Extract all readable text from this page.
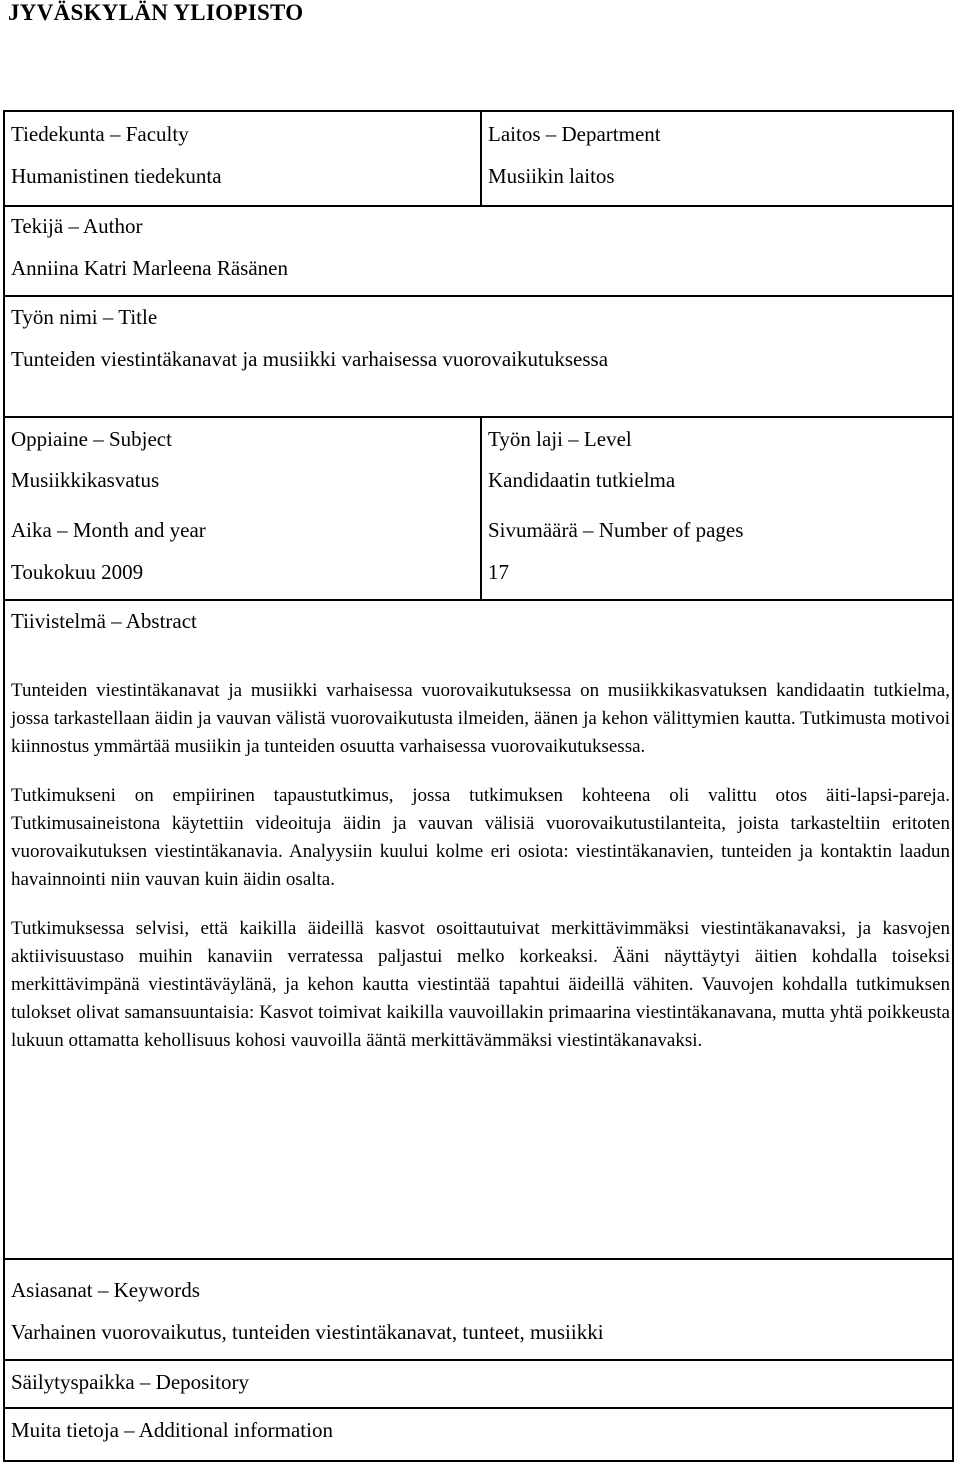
JYVÄSKYLÄN YLIOPISTO
Tiedekunta – Faculty
Humanistinen tiedekunta
Laitos – Department
Musiikin laitos
Tekijä – Author
Anniina Katri Marleena Räsänen
Työn nimi – Title
Tunteiden viestintäkanavat ja musiikki varhaisessa vuorovaikutuksessa
Oppiaine – Subject
Musiikkikasvatus
Työn laji – Level
Kandidaatin tutkielma
Aika – Month and year
Toukokuu 2009
Sivumäärä – Number of pages
17
Tiivistelmä – Abstract

Tunteiden viestintäkanavat ja musiikki varhaisessa vuorovaikutuksessa on musiikkikasvatuksen kandidaatin tutkielma, jossa tarkastellaan äidin ja vauvan välistä vuorovaikutusta ilmeiden, äänen ja kehon välittymien kautta. Tutkimusta motivoi kiinnostus ymmärtää musiikin ja tunteiden osuutta varhaisessa vuorovaikutuksessa.

Tutkimukseni on empiirinen tapaustutkimus, jossa tutkimuksen kohteena oli valittu otos äiti-lapsi-pareja. Tutkimusaineistona käytettiin videoituja äidin ja vauvan välisiä vuorovaikutustilanteita, joista tarkasteltiin eritoten vuorovaikutuksen viestintäkanavia. Analyysiin kuului kolme eri osiota: viestintäkanavien, tunteiden ja kontaktin laadun havainnointi niin vauvan kuin äidin osalta.

Tutkimuksessa selvisi, että kaikilla äideillä kasvot osoittautuivat merkittävimmäksi viestintäkanavaksi, ja kasvojen aktiivisuustaso muihin kanaviin verratessa paljastui melko korkeaksi. Ääni näyttäytyi äitien kohdalla toiseksi merkittävimpänä viestintäväylänä, ja kehon kautta viestintää tapahtui äideillä vähiten. Vauvojen kohdalla tutkimuksen tulokset olivat samansuuntaisia: Kasvot toimivat kaikilla vauvoillakin primaarina viestintäkanavana, mutta yhtä poikkeusta lukuun ottamatta kehollisuus kohosi vauvoilla ääntä merkittävämmäksi viestintäkanavaksi.

Asiasanat – Keywords
Varhainen vuorovaikutus, tunteiden viestintäkanavat, tunteet, musiikki
Säilytyspaikka – Depository
Muita tietoja – Additional information
